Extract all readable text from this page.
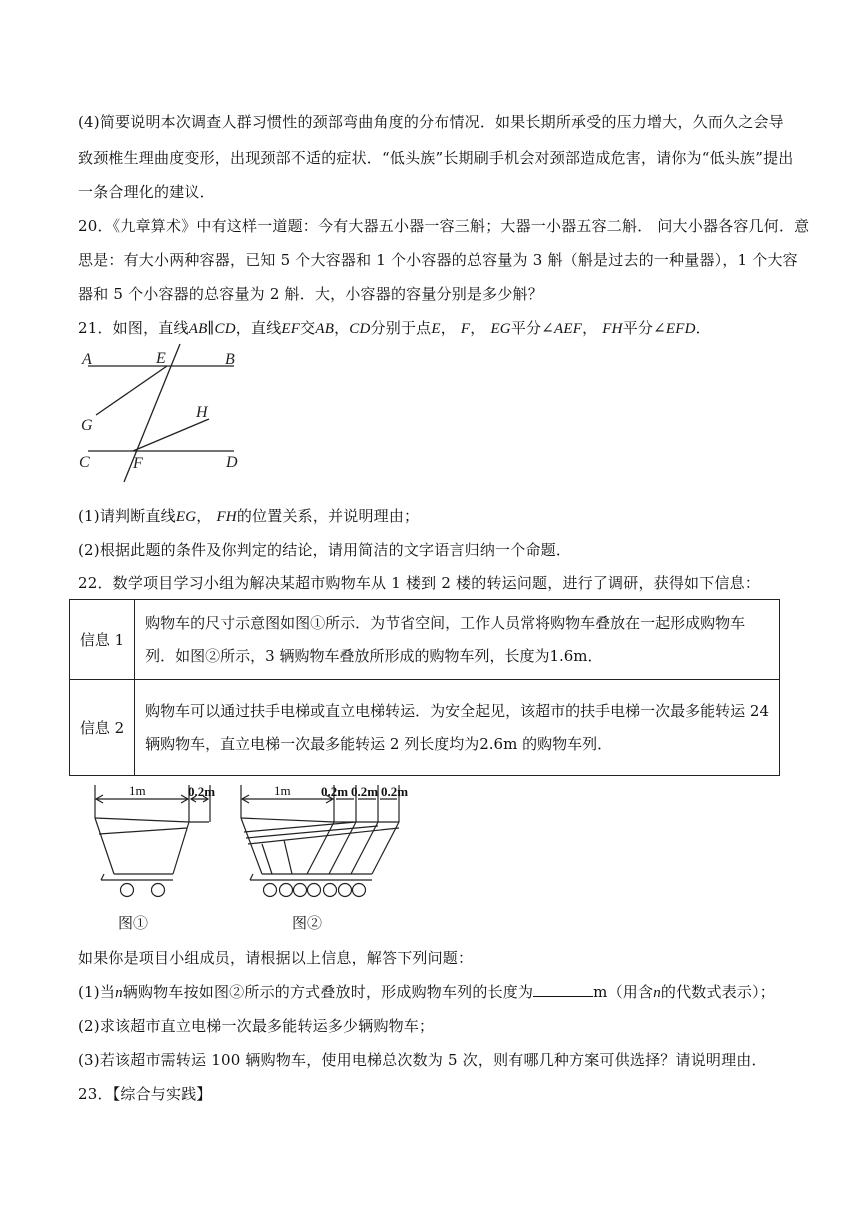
(4)简要说明本次调查人群习惯性的颈部弯曲角度的分布情况．如果长期所承受的压力增大，久而久之会导
致颈椎生理曲度变形，出现颈部不适的症状．“低头族”长期刷手机会对颈部造成危害，请你为“低头族”提出
一条合理化的建议．
20．《九章算术》中有这样一道题：今有大器五小器一容三斛；大器一小器五容二斛． 问大小器各容几何．意
思是：有大小两种容器，已知 5 个大容器和 1 个小容器的总容量为 3 斛（斛是过去的一种量器），1 个大容
器和 5 个小容器的总容量为 2 斛．大，小容器的容量分别是多少斛？
21．如图，直线AB∥CD，直线EF交AB，CD分别于点E， F， EG平分∠AEF， FH平分∠EFD．
A	E	B
G
H
C	F	D
(1)请判断直线EG， FH的位置关系，并说明理由；
(2)根据此题的条件及你判定的结论，请用简洁的文字语言归纳一个命题．
22．数学项目学习小组为解决某超市购物车从 1 楼到 2 楼的转运问题，进行了调研，获得如下信息：
信息 1	购物车的尺寸示意图如图①所示．为节省空间，工作人员常将购物车叠放在一起形成购物车
列．如图②所示，3 辆购物车叠放所形成的购物车列，长度为1.6m．

信息 2	购物车可以通过扶手电梯或直立电梯转运．为安全起见，该超市的扶手电梯一次最多能转运 24
辆购物车，直立电梯一次最多能转运 2 列长度均为2.6m 的购物车列．
1m	0.2m
图①
1m 0.2m 0.2m 0.2m
图②
如果你是项目小组成员，请根据以上信息，解答下列问题：
(1)当n辆购物车按如图②所示的方式叠放时，形成购物车列的长度为	m（用含n的代数式表示）；
(2)求该超市直立电梯一次最多能转运多少辆购物车；
(3)若该超市需转运 100 辆购物车，使用电梯总次数为 5 次，则有哪几种方案可供选择？请说明理由．
23．【综合与实践】
